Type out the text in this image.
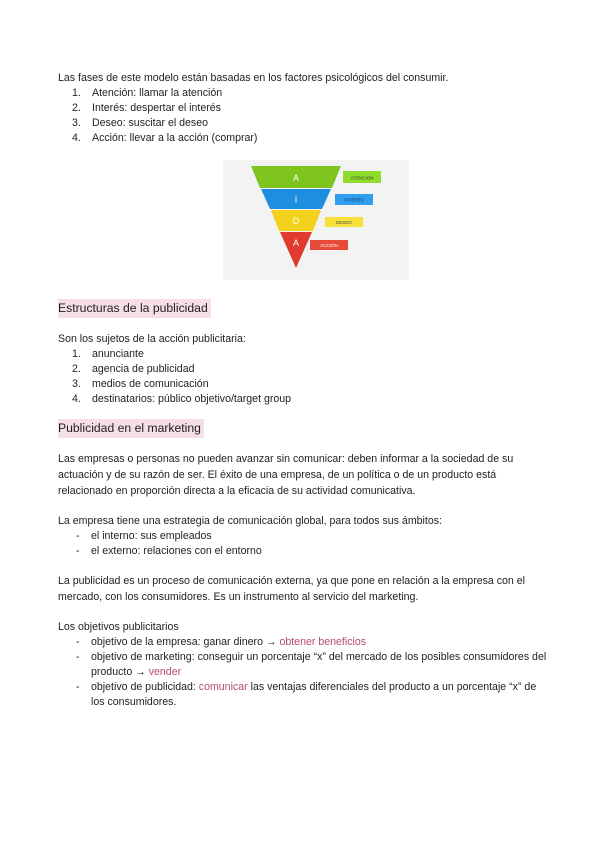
Las fases de este modelo están basadas en los factores psicológicos del consumir.

1. Atención: llamar la atención
2. Interés: despertar el interés
3. Deseo: suscitar el deseo
4. Acción: llevar a la acción (comprar)
A	ATENCIÓN
I	INTERÉS
D	DESEO
A	ACCIÓN
Estructuras de la publicidad

Son los sujetos de la acción publicitaria:

1. anunciante
2. agencia de publicidad
3. medios de comunicación
4. destinatarios: público objetivo/target group
Publicidad en el marketing

Las empresas o personas no pueden avanzar sin comunicar: deben informar a la sociedad de su actuación y de su razón de ser. El éxito de una empresa, de un política o de un producto está relacionado en proporción directa a la eficacia de su actividad comunicativa.

La empresa tiene una estrategia de comunicación global, para todos sus ámbitos:

- el interno: sus empleados
- el externo: relaciones con el entorno

La publicidad es un proceso de comunicación externa, ya que pone en relación a la empresa con el mercado, con los consumidores. Es un instrumento al servicio del marketing.

Los objetivos publicitarios

- objetivo de la empresa: ganar dinero → obtener beneficios
- objetivo de marketing: conseguir un porcentaje “x” del mercado de los posibles consumidores del producto → vender
- objetivo de publicidad: comunicar las ventajas diferenciales del producto a un porcentaje “x” de los consumidores.
